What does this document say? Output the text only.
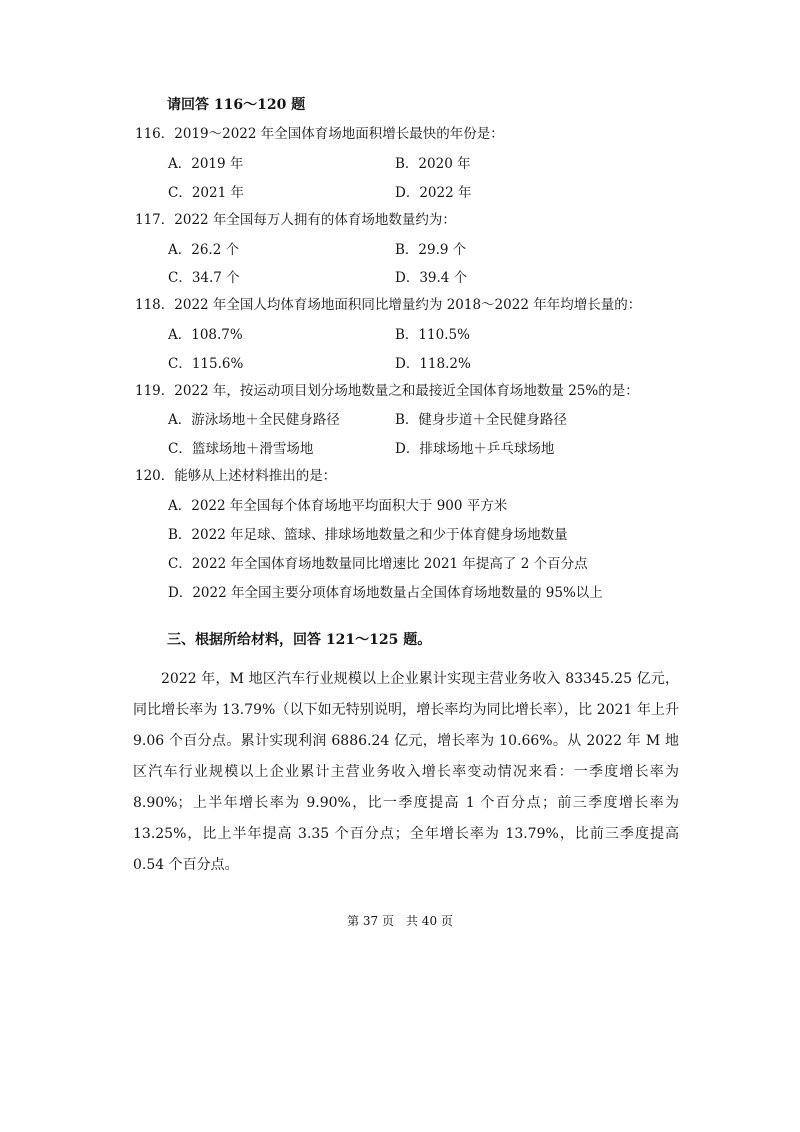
请回答 116～120 题
116．2019～2022 年全国体育场地面积增长最快的年份是：
A．2019 年	B．2020 年
C．2021 年	D．2022 年
117．2022 年全国每万人拥有的体育场地数量约为：
A．26.2 个	B．29.9 个
C．34.7 个	D．39.4 个
118．2022 年全国人均体育场地面积同比增量约为 2018～2022 年年均增长量的：
A．108.7%	B．110.5%
C．115.6%	D．118.2%
119．2022 年，按运动项目划分场地数量之和最接近全国体育场地数量 25%的是：
A．游泳场地＋全民健身路径	B．健身步道＋全民健身路径
C．篮球场地＋滑雪场地	D．排球场地＋乒乓球场地
120．能够从上述材料推出的是：
A．2022 年全国每个体育场地平均面积大于 900 平方米
B．2022 年足球、篮球、排球场地数量之和少于体育健身场地数量
C．2022 年全国体育场地数量同比增速比 2021 年提高了 2 个百分点
D．2022 年全国主要分项体育场地数量占全国体育场地数量的 95%以上
三、根据所给材料，回答 121～125 题。
2022 年，M 地区汽车行业规模以上企业累计实现主营业务收入 83345.25 亿元，同比增长率为 13.79%（以下如无特别说明，增长率均为同比增长率），比 2021 年上升 9.06 个百分点。累计实现利润 6886.24 亿元，增长率为 10.66%。从 2022 年 M 地区汽车行业规模以上企业累计主营业务收入增长率变动情况来看：一季度增长率为 8.90%；上半年增长率为 9.90%，比一季度提高 1 个百分点；前三季度增长率为 13.25%，比上半年提高 3.35 个百分点；全年增长率为 13.79%，比前三季度提高 0.54 个百分点。
第 37 页　共 40 页
